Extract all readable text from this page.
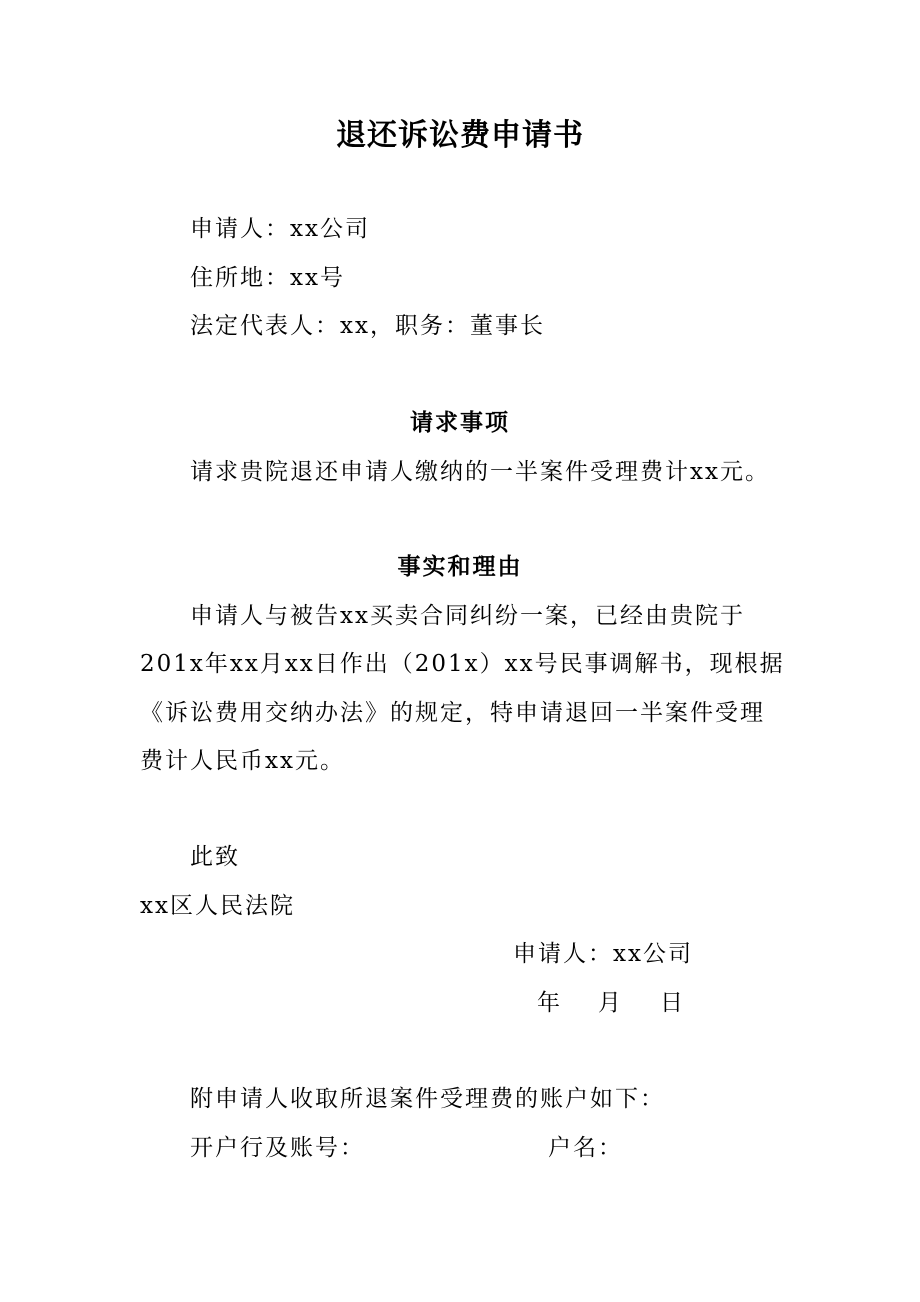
退还诉讼费申请书
申请人：xx公司
住所地：xx号
法定代表人：xx，职务：董事长
请求事项
请求贵院退还申请人缴纳的一半案件受理费计xx元。
事实和理由
申请人与被告xx买卖合同纠纷一案，已经由贵院于
201x年xx月xx日作出（201x）xx号民事调解书，现根据
《诉讼费用交纳办法》的规定，特申请退回一半案件受理
费计人民币xx元。
此致
xx区人民法院
申请人：xx公司
年 月 日
附申请人收取所退案件受理费的账户如下：
开户行及账号：	户名：
